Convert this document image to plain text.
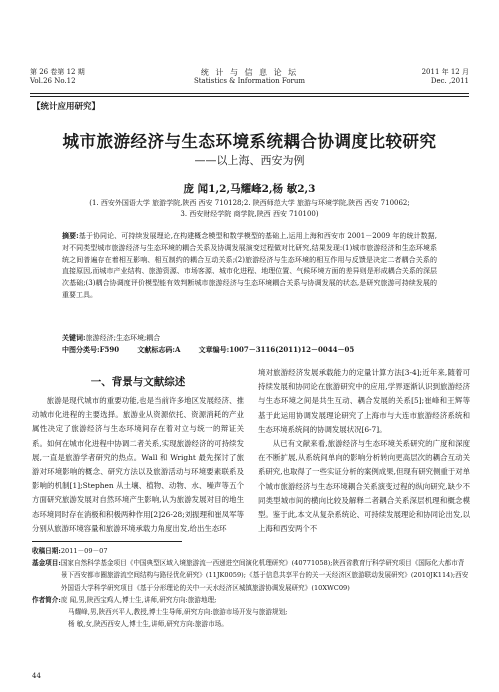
第 26 卷第 12 期
Vol.26 No.12
统 计 与 信 息 论 坛
Statistics & Information Forum
2011 年 12 月
Dec. ,2011
【统计应用研究】
城市旅游经济与生态环境系统耦合协调度比较研究
——以上海、西安为例
庞 闻1,2,马耀峰2,杨 敏2,3
(1. 西安外国语大学 旅游学院,陕西 西安 710128;2. 陕西师范大学 旅游与环境学院,陕西 西安 710062;
3. 西安财经学院 商学院,陕西 西安 710100)
摘要:基于协同论、可持续发展理论,在构建概念模型和数学模型的基础上,运用上海和西安市 2001－2009 年的统计数据,对不同类型城市旅游经济与生态环境的耦合关系及协调发展演变过程做对比研究,结果发现:(1)城市旅游经济和生态环境系统之间普遍存在着相互影响、相互制约的耦合互动关系;(2)旅游经济与生态环境的相互作用与反馈是决定二者耦合关系的直接原因,而城市产业结构、旅游资源、市场客源、城市化进程、地理位置、气候环境方面的差异则是形成耦合关系的深层次基础;(3)耦合协调度评价模型能有效判断城市旅游经济与生态环境耦合关系与协调发展的状态,是研究旅游可持续发展的重要工具。
关键词:旅游经济;生态环境;耦合
中图分类号:F590	文献标志码:A	文章编号:1007－3116(2011)12－0044－05
一、背景与文献综述

旅游是现代城市的重要功能,也是当前许多地区发展经济、推动城市化进程的主要选择。旅游业从资源依托、资源消耗的产业属性决定了旅游经济与生态环境间存在着对立与统一的辩证关系。如何在城市化进程中协调二者关系,实现旅游经济的可持续发展,一直是旅游学者研究的热点。Wall 和 Wright 最先探讨了旅游对环境影响的概念、研究方法以及旅游活动与环境要素联系及影响的机制[1];Stephen 从土壤、植物、动物、水、噪声等五个方面研究旅游发展对自然环境产生影响,认为旅游发展对目的地生态环境同时存在消极和积极两种作用[2]26-28;刘振理和崔凤军等分别从旅游环境容量和旅游环境承载力角度出发,给出生态环

境对旅游经济发展承载能力的定量计算方法[3-4];近年来,随着可持续发展和协同论在旅游研究中的应用,学界逐渐认识到旅游经济与生态环境之间是共生互动、耦合发展的关系[5];崔峰和王辉等基于此运用协调发展理论研究了上海市与大连市旅游经济系统和生态环境系统间的协调发展状况[6-7]。

从已有文献来看,旅游经济与生态环境关系研究的广度和深度在不断扩展,从系统间单向的影响分析转向更高层次的耦合互动关系研究,也取得了一些实证分析的案例成果,但现有研究侧重于对单个城市旅游经济与生态环境耦合关系演变过程的纵向研究,缺少不同类型城市间的横向比较及解释二者耦合关系深层机理和概念模型。鉴于此,本文从复杂系统论、可持续发展理论和协同论出发,以上海和西安两个不

收稿日期: 2011－09－07
基金项目: 国家自然科学基金项目《中国典型区域入境旅游流一西递进空间演化机理研究》(40771058);陕西省教育厅科学研究项目《国际化大都市背景下西安都市圈旅游流空间结构与路径优化研究》(11JK0059);《基于信息共享平台的关一天经济区旅游联动发展研究》(2010JK114);西安外国语大学科学研究项目《基于分形理论的关中一天水经济区城镇旅游协调发展研究》(10XWC09)
作者简介: 庞 闻,男,陕西宝鸡人,博士生,讲师,研究方向:旅游地理;
马耀峰,男,陕西兴平人,教授,博士生导师,研究方向:旅游市场开发与旅游规划;
杨 敏,女,陕西西安人,博士生,讲师,研究方向:旅游市场。
44
